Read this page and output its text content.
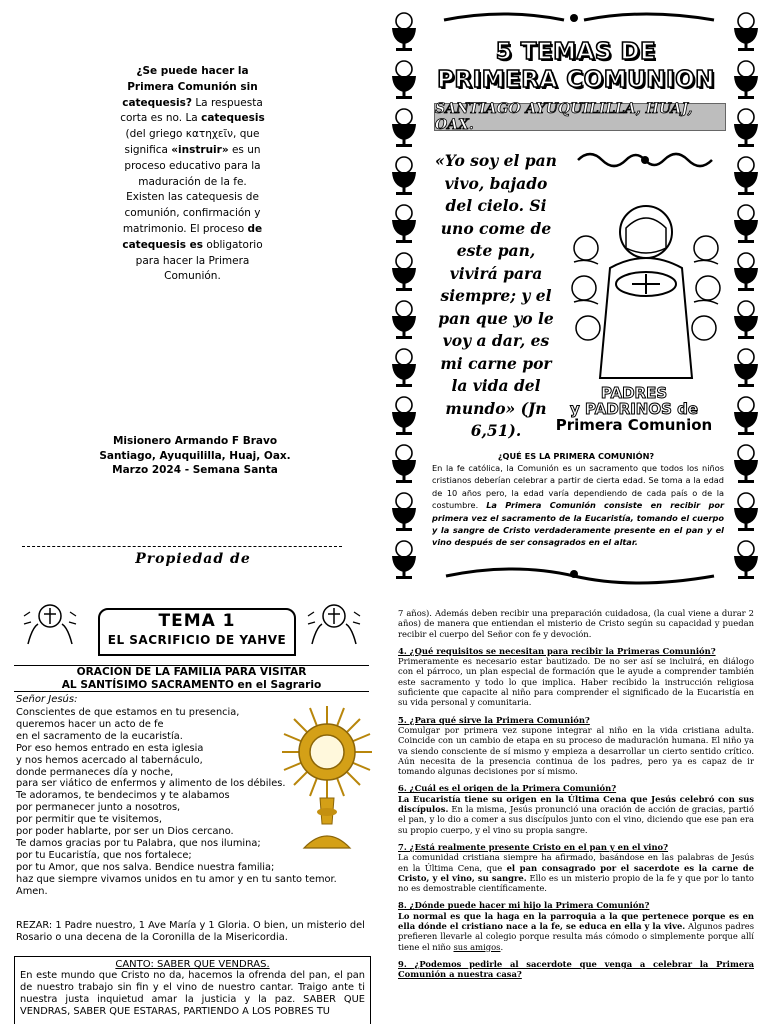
¿Se puede hacer la Primera Comunión sin catequesis? La respuesta corta es no. La catequesis (del griego κατηχεῖν, que significa «instruir» es un proceso educativo para la maduración de la fe. Existen las catequesis de comunión, confirmación y matrimonio. El proceso de catequesis es obligatorio para hacer la Primera Comunión.
Misionero Armando F Bravo
Santiago, Ayuquililla, Huaj, Oax.
Marzo 2024 - Semana Santa
Propiedad de
5 TEMAS DE
PRIMERA COMUNION
SANTIAGO AYUQUILILLA, HUAJ, OAX.
«Yo soy el pan vivo, bajado del cielo. Si uno come de este pan, vivirá para siempre; y el pan que yo le voy a dar, es mi carne por la vida del mundo» (Jn 6,51).
PADRES
y PADRINOS de
Primera Comunion
¿QUÉ ES LA PRIMERA COMUNIÓN?
En la fe católica, la Comunión es un sacramento que todos los niños cristianos deberían celebrar a partir de cierta edad. Se toma a la edad de 10 años pero, la edad varía dependiendo de cada país o de la costumbre. La Primera Comunión consiste en recibir por primera vez el sacramento de la Eucaristía, tomando el cuerpo y la sangre de Cristo verdaderamente presente en el pan y el vino después de ser consagrados en el altar.
TEMA 1
EL SACRIFICIO DE YAHVE
ORACIÓN DE LA FAMILIA PARA VISITAR
AL SANTÍSIMO SACRAMENTO en el Sagrario
Señor Jesús:
Conscientes de que estamos en tu presencia,
queremos hacer un acto de fe
en el sacramento de la eucaristía.
Por eso hemos entrado en esta iglesia
y nos hemos acercado al tabernáculo,
donde permaneces día y noche,
para ser viático de enfermos y alimento de los débiles.
Te adoramos, te bendecimos y te alabamos
por permanecer junto a nosotros,
por permitir que te visitemos,
por poder hablarte, por ser un Dios cercano.
Te damos gracias por tu Palabra, que nos ilumina;
por tu Eucaristía, que nos fortalece;
por tu Amor, que nos salva. Bendice nuestra familia;
haz que siempre vivamos unidos en tu amor y en tu santo temor.
Amen.
REZAR: 1 Padre nuestro, 1 Ave María y 1 Gloria. O bien, un misterio del Rosario o una decena de la Coronilla de la Misericordia.
CANTO: SABER QUE VENDRAS.
En este mundo que Cristo no da, hacemos la ofrenda del pan, el pan de nuestro trabajo sin fin y el vino de nuestro cantar. Traigo ante ti nuestra justa inquietud amar la justicia y la paz. SABER QUE VENDRAS, SABER QUE ESTARAS, PARTIENDO A LOS POBRES TU

7 años). Además deben recibir una preparación cuidadosa, (la cual viene a durar 2 años) de manera que entiendan el misterio de Cristo según su capacidad y puedan recibir el cuerpo del Señor con fe y devoción.

4. ¿Qué requisitos se necesitan para recibir la Primeras Comunión?

Primeramente es necesario estar bautizado. De no ser así se incluirá, en diálogo con el párroco, un plan especial de formación que le ayude a comprender también este sacramento y todo lo que implica. Haber recibido la instrucción religiosa suficiente que capacite al niño para comprender el significado de la Eucaristía en su vida personal y comunitaria.

5. ¿Para qué sirve la Primera Comunión?

Comulgar por primera vez supone integrar al niño en la vida cristiana adulta. Coincide con un cambio de etapa en su proceso de maduración humana. El niño ya va siendo consciente de sí mismo y empieza a desarrollar un cierto sentido crítico. Aún necesita de la presencia continua de los padres, pero ya es capaz de ir tomando algunas decisiones por sí mismo.

6. ¿Cuál es el origen de la Primera Comunión?

La Eucaristía tiene su origen en la Última Cena que Jesús celebró con sus discípulos. En la misma, Jesús pronunció una oración de acción de gracias, partió el pan, y lo dio a comer a sus discípulos junto con el vino, diciendo que ese pan era su propio cuerpo, y el vino su propia sangre.

7. ¿Está realmente presente Cristo en el pan y en el vino?

La comunidad cristiana siempre ha afirmado, basándose en las palabras de Jesús en la Última Cena, que el pan consagrado por el sacerdote es la carne de Cristo, y el vino, su sangre. Ello es un misterio propio de la fe y que por lo tanto no es demostrable científicamente.

8. ¿Dónde puede hacer mi hijo la Primera Comunión?

Lo normal es que la haga en la parroquia a la que pertenece porque es en ella dónde el cristiano nace a la fe, se educa en ella y la vive. Algunos padres prefieren llevarle al colegio porque resulta más cómodo o simplemente porque allí tiene el niño sus amigos.

9. ¿Podemos pedirle al sacerdote que venga a celebrar la Primera Comunión a nuestra casa?
